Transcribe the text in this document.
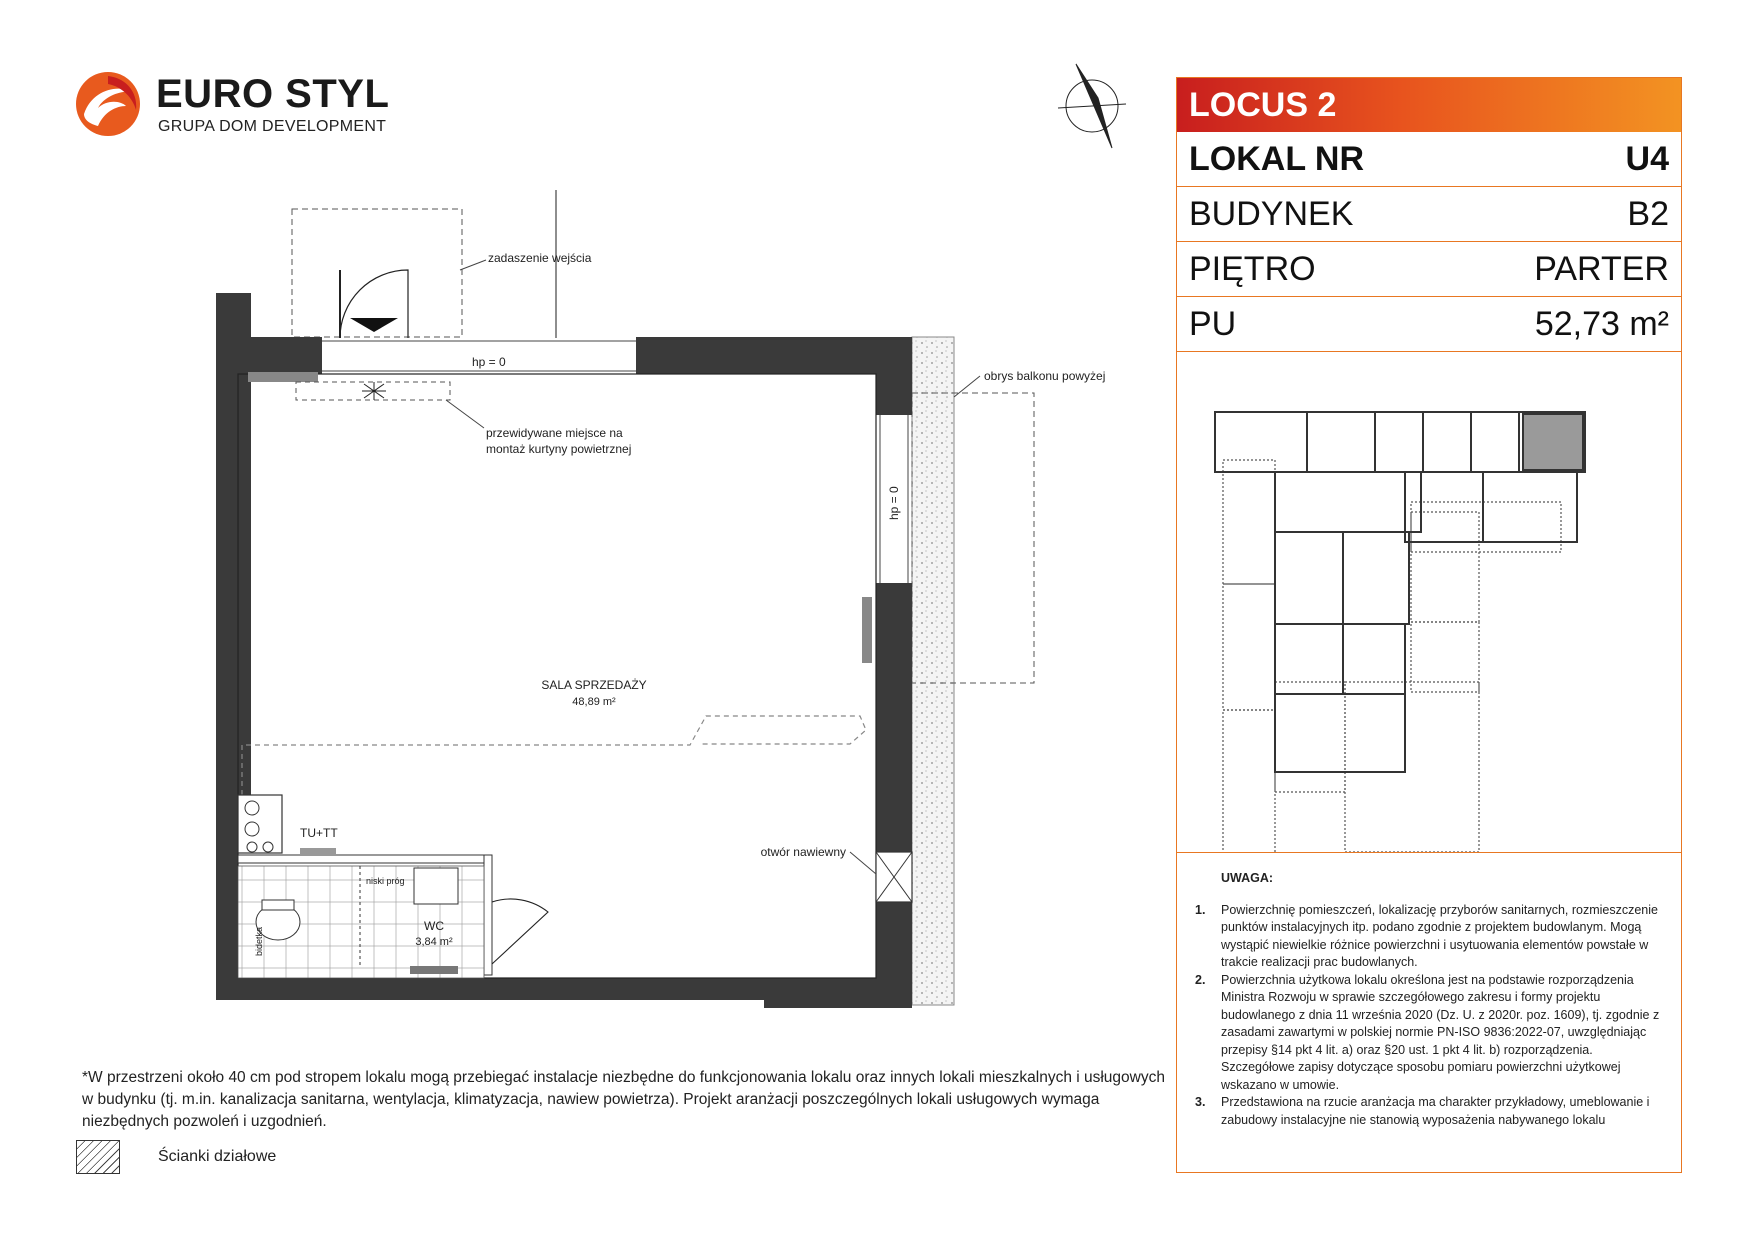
zadaszenie wejścia
hp = 0
hp = 0
obrys balkonu powyżej
przewidywane miejsce na
montaż kurtyny powietrznej
SALA SPRZEDAŻY
48,89 m²
TU+TT
otwór nawiewny
niski próg
WC
3,84 m²
bidetka
EURO STYL
GRUPA DOM DEVELOPMENT
LOCUS 2
LOKAL NR	U4
BUDYNEK	B2
PIĘTRO	PARTER
PU	52,73 m²
UWAGA:
1.	Powierzchnię pomieszczeń, lokalizację przyborów sanitarnych, rozmieszczenie punktów instalacyjnych itp. podano zgodnie z projektem budowlanym. Mogą wystąpić niewielkie różnice powierzchni i usytuowania elementów powstałe w trakcie realizacji prac budowlanych.
2.	Powierzchnia użytkowa lokalu określona jest na podstawie rozporządzenia Ministra Rozwoju w sprawie szczegółowego zakresu i formy projektu budowlanego z dnia 11 września 2020 (Dz. U. z 2020r. poz. 1609), tj. zgodnie z zasadami zawartymi w polskiej normie PN-ISO 9836:2022-07, uwzględniając przepisy §14 pkt 4 lit. a) oraz §20 ust. 1 pkt 4 lit. b) rozporządzenia. Szczegółowe zapisy dotyczące sposobu pomiaru powierzchni użytkowej wskazano w umowie.
3.	Przedstawiona na rzucie aranżacja ma charakter przykładowy, umeblowanie i zabudowy instalacyjne nie stanowią wyposażenia nabywanego lokalu
*W przestrzeni około 40 cm pod stropem lokalu mogą przebiegać instalacje niezbędne do funkcjonowania lokalu oraz innych lokali mieszkalnych i usługowych w budynku (tj. m.in. kanalizacja sanitarna, wentylacja, klimatyzacja, nawiew powietrza). Projekt aranżacji poszczególnych lokali usługowych wymaga niezbędnych pozwoleń i uzgodnień.
Ścianki działowe
